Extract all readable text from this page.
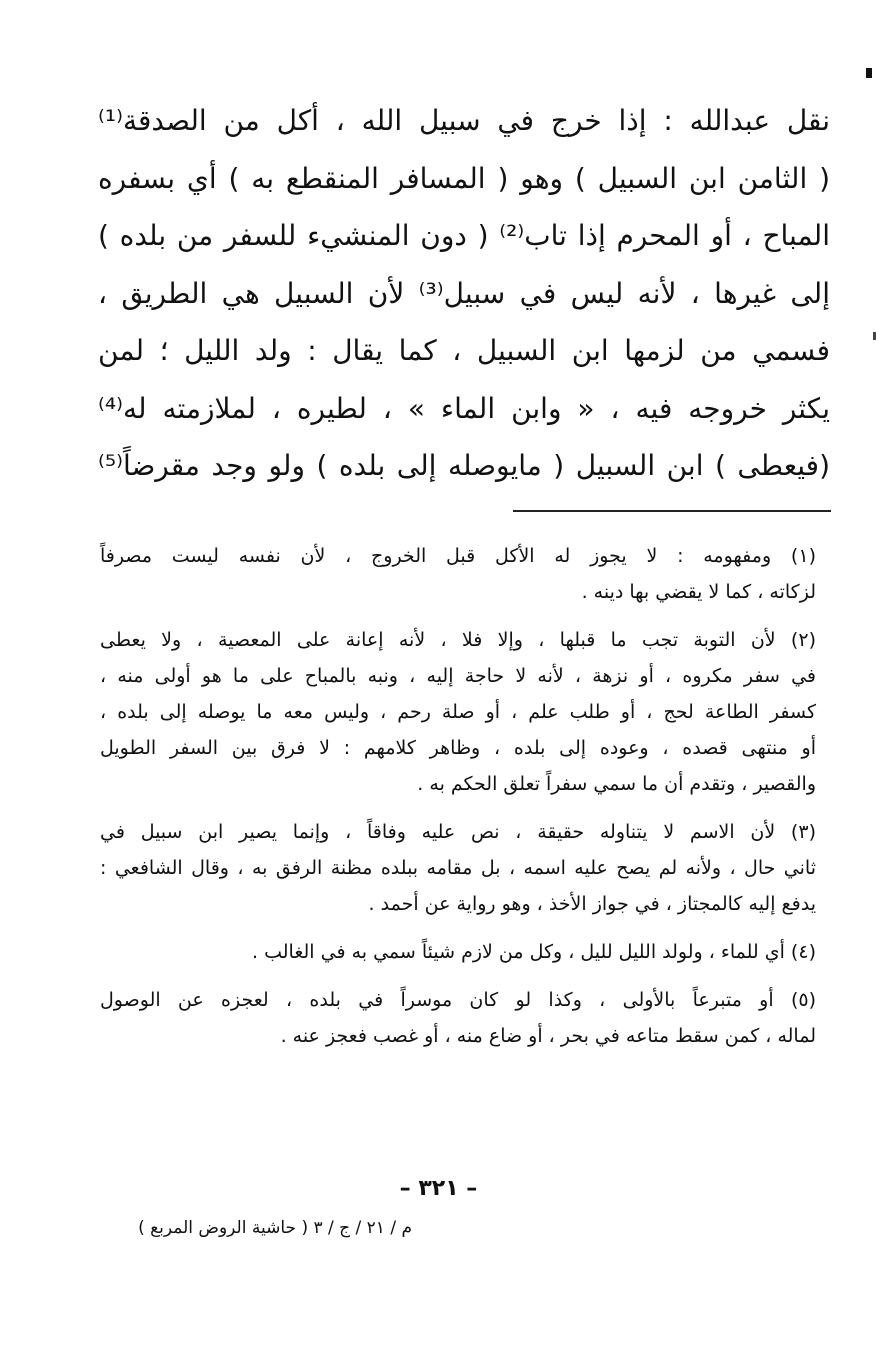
نقل عبدالله : إذا خرج في سبيل الله ، أكل من الصدقة⁽¹⁾
( الثامن ابن السبيل ) وهو ( المسافر المنقطع به ) أي بسفره
المباح ، أو المحرم إذا تاب⁽²⁾ ( دون المنشيء للسفر من بلده )
إلى غيرها ، لأنه ليس في سبيل⁽³⁾ لأن السبيل هي الطريق ،
فسمي من لزمها ابن السبيل ، كما يقال : ولد الليل ؛ لمن
يكثر خروجه فيه ، « وابن الماء » ، لطيره ، لملازمته له⁽⁴⁾
(فيعطى ) ابن السبيل ( مايوصله إلى بلده ) ولو وجد مقرضاً⁽⁵⁾
(١) ومفهومه : لا يجوز له الأكل قبل الخروج ، لأن نفسه ليست مصرفاً
لزكاته ، كما لا يقضي بها دينه .
(٢) لأن التوبة تجب ما قبلها ، وإلا فلا ، لأنه إعانة على المعصية ، ولا يعطى
في سفر مكروه ، أو نزهة ، لأنه لا حاجة إليه ، ونبه بالمباح على ما هو أولى منه ،
كسفر الطاعة لحج ، أو طلب علم ، أو صلة رحم ، وليس معه ما يوصله إلى بلده ،
أو منتهى قصده ، وعوده إلى بلده ، وظاهر كلامهم : لا فرق بين السفر الطويل
والقصير ، وتقدم أن ما سمي سفراً تعلق الحكم به .
(٣) لأن الاسم لا يتناوله حقيقة ، نص عليه وفاقاً ، وإنما يصير ابن سبيل في
ثاني حال ، ولأنه لم يصح عليه اسمه ، بل مقامه ببلده مظنة الرفق به ، وقال الشافعي :
يدفع إليه كالمجتاز ، في جواز الأخذ ، وهو رواية عن أحمد .
(٤) أي للماء ، ولولد الليل لليل ، وكل من لازم شيئاً سمي به في الغالب .
(٥) أو متبرعاً بالأولى ، وكذا لو كان موسراً في بلده ، لعجزه عن الوصول
لماله ، كمن سقط متاعه في بحر ، أو ضاع منه ، أو غصب فعجز عنه .
– ٣٢١ –
م / ٢١ / ج / ٣ ( حاشية الروض المربع )
